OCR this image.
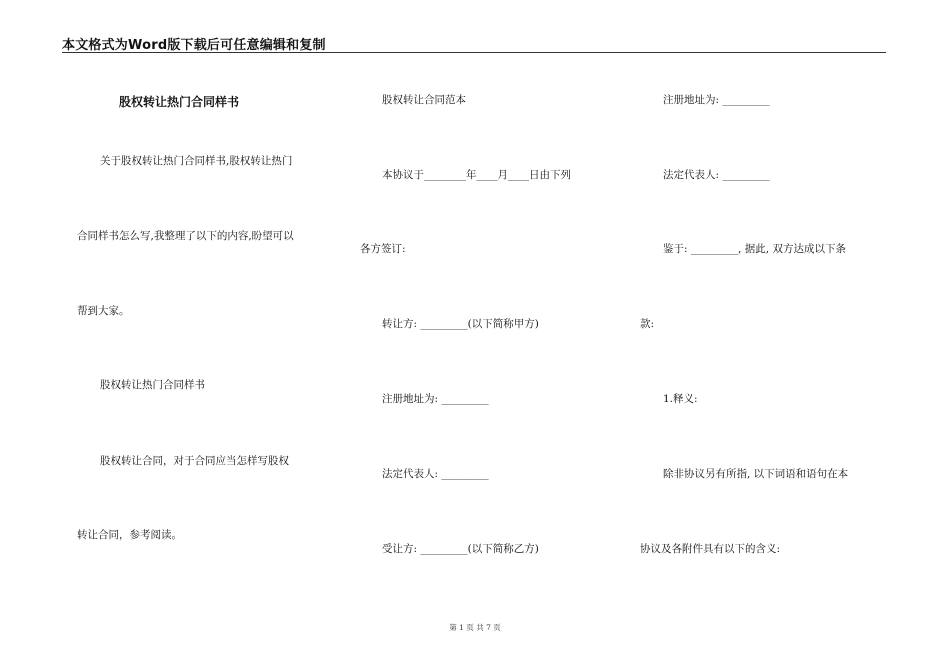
本文格式为Word版下载后可任意编辑和复制
股权转让热门合同样书
关于股权转让热门合同样书,股权转让热门
合同样书怎么写,我整理了以下的内容,盼望可以
帮到大家。
股权转让热门合同样书
股权转让合同，对于合同应当怎样写股权
转让合同，参考阅读。
股权转让合同范本
本协议于________年____月____日由下列
各方签订:
转让方: _________(以下简称甲方)
注册地址为: _________
法定代表人: _________
受让方: _________(以下简称乙方)
注册地址为: _________
法定代表人: _________
鉴于: _________, 据此, 双方达成以下条
款:
1.释义:
除非协议另有所指, 以下词语和语句在本
协议及各附件具有以下的含义:
第 1 页 共 7 页
